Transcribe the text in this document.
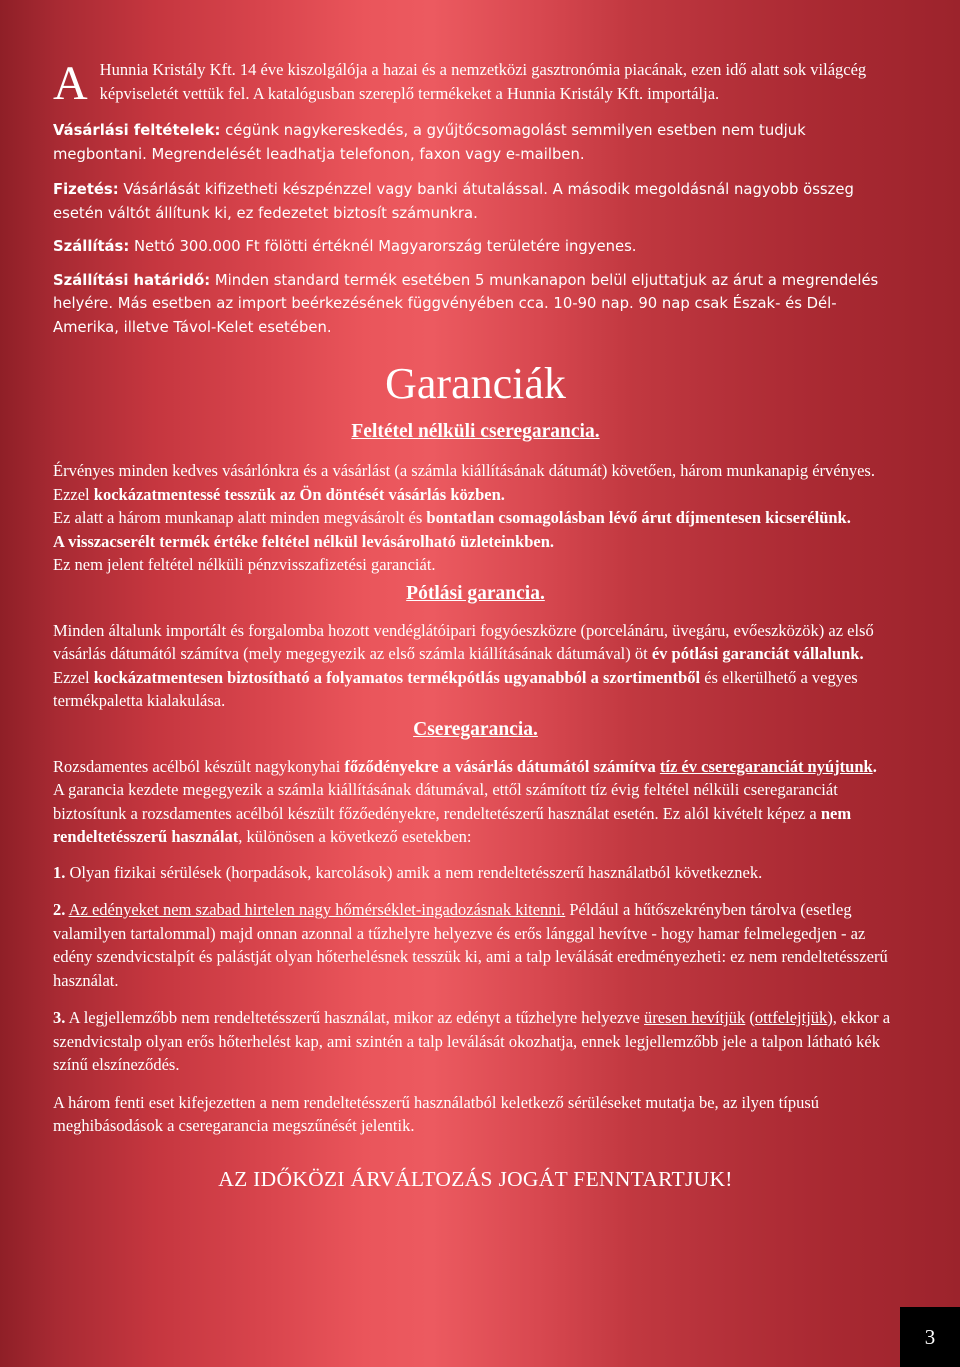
A Hunnia Kristály Kft. 14 éve kiszolgálója a hazai és a nemzetközi gasztronómia piacának, ezen idő alatt sok világcég képviseletét vettük fel. A katalógusban szereplő termékeket a Hunnia Kristály Kft. importálja.

Vásárlási feltételek: cégünk nagykereskedés, a gyűjtőcsomagolást semmilyen esetben nem tudjuk megbontani. Megrendelését leadhatja telefonon, faxon vagy e-mailben.

Fizetés: Vásárlását kifizetheti készpénzzel vagy banki átutalással. A második megoldásnál nagyobb összeg esetén váltót állítunk ki, ez fedezetet biztosít számunkra.

Szállítás: Nettó 300.000 Ft fölötti értéknél Magyarország területére ingyenes.

Szállítási határidő: Minden standard termék esetében 5 munkanapon belül eljuttatjuk az árut a megrendelés helyére. Más esetben az import beérkezésének függvényében cca. 10-90 nap. 90 nap csak Észak- és Dél-Amerika, illetve Távol-Kelet esetében.

Garanciák
Feltétel nélküli cseregarancia.

Érvényes minden kedves vásárlónkra és a vásárlást (a számla kiállításának dátumát) követően, három munkanapig érvényes.

Ezzel kockázatmentessé tesszük az Ön döntését vásárlás közben.

Ez alatt a három munkanap alatt minden megvásárolt és bontatlan csomagolásban lévő árut díjmentesen kicserélünk.

A visszacserélt termék értéke feltétel nélkül levásárolható üzleteinkben.

Ez nem jelent feltétel nélküli pénzvisszafizetési garanciát.

Pótlási garancia.

Minden általunk importált és forgalomba hozott vendéglátóipari fogyóeszközre (porcelánáru, üvegáru, evőeszközök) az első vásárlás dátumától számítva (mely megegyezik az első számla kiállításának dátumával) öt év pótlási garanciát vállalunk.

Ezzel kockázatmentesen biztosítható a folyamatos termékpótlás ugyanabból a szortimentből és elkerülhető a vegyes termékpaletta kialakulása.

Cseregarancia.

Rozsdamentes acélból készült nagykonyhai főződényekre a vásárlás dátumától számítva tíz év cseregaranciát nyújtunk.

A garancia kezdete megegyezik a számla kiállításának dátumával, ettől számított tíz évig feltétel nélküli cseregaranciát biztosítunk a rozsdamentes acélból készült főzőedényekre, rendeltetészerű használat esetén. Ez alól kivételt képez a nem rendeltetésszerű használat, különösen a következő esetekben:

1. Olyan fizikai sérülések (horpadások, karcolások) amik a nem rendeltetésszerű használatból következnek.

2. Az edényeket nem szabad hirtelen nagy hőmérséklet-ingadozásnak kitenni. Például a hűtőszekrényben tárolva (esetleg valamilyen tartalommal) majd onnan azonnal a tűzhelyre helyezve és erős lánggal hevítve - hogy hamar felmelegedjen - az edény szendvicstalpít és palástját olyan hőterhelésnek tesszük ki, ami a talp leválását eredményezheti: ez nem rendeltetésszerű használat.

3. A legjellemzőbb nem rendeltetésszerű használat, mikor az edényt a tűzhelyre helyezve üresen hevítjük (ottfelejtjük), ekkor a szendvicstalp olyan erős hőterhelést kap, ami szintén a talp leválását okozhatja, ennek legjellemzőbb jele a talpon látható kék színű elszíneződés.

A három fenti eset kifejezetten a nem rendeltetésszerű használatból keletkező sérüléseket mutatja be, az ilyen típusú meghibásodások a cseregarancia megszűnését jelentik.

AZ IDŐKÖZI ÁRVÁLTOZÁS JOGÁT FENNTARTJUK!
3
